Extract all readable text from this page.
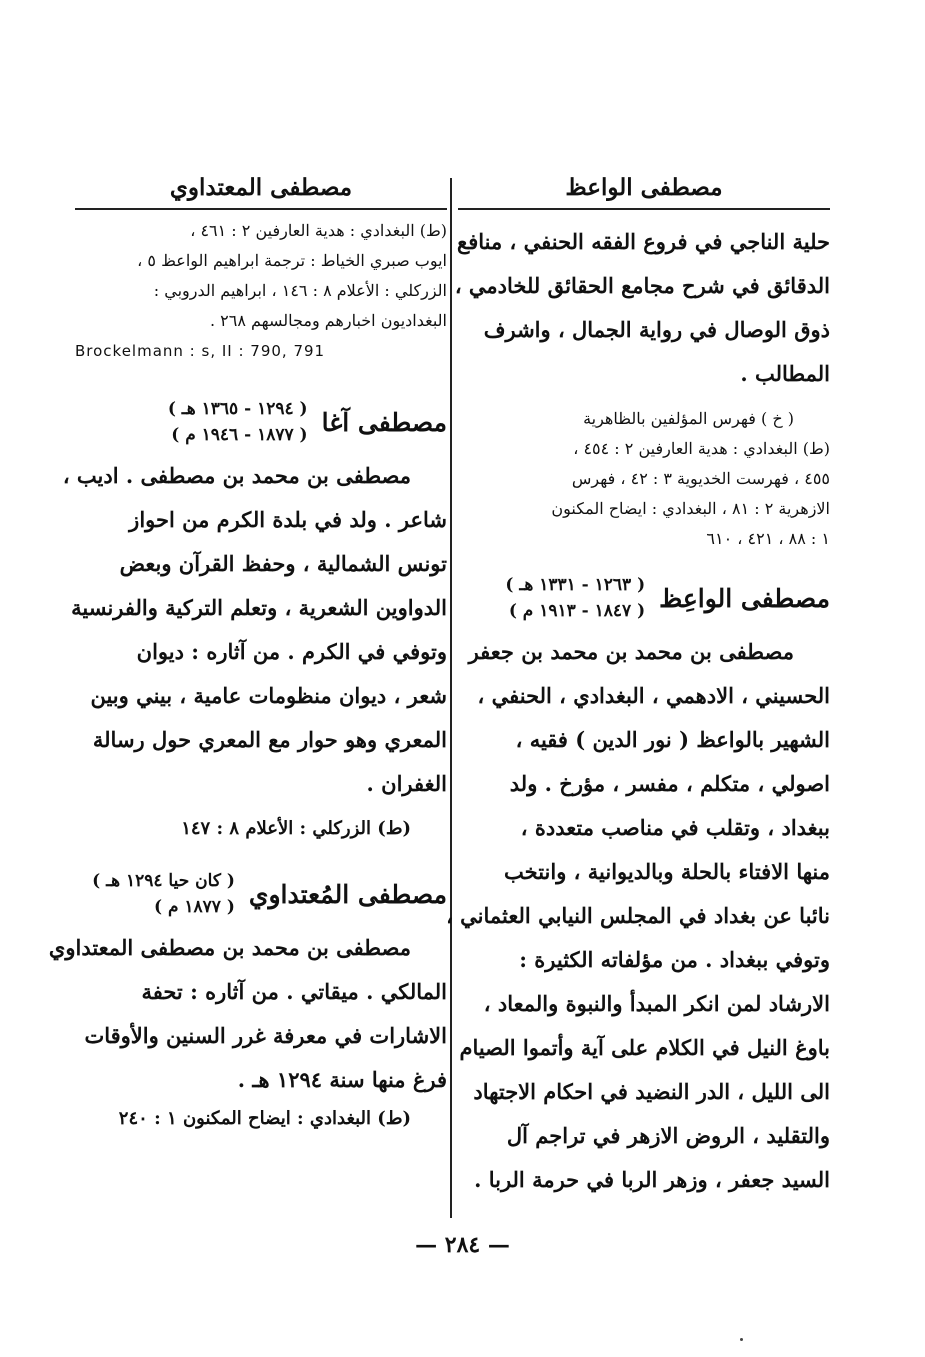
مصطفى الواعظ
حلية الناجي في فروع الفقه الحنفي ، منافع
الدقائق في شرح مجامع الحقائق للخادمي ،
ذوق الوصال في رواية الجمال ، واشرف
المطالب .
( خ ) فهرس المؤلفين بالظاهرية
(ط) البغدادي : هدية العارفين ٢ : ٤٥٤ ،
٤٥٥ ، فهرست الخديوية ٣ : ٤٢ ، فهرس
الازهرية ٢ : ٨١ ، البغدادي : ايضاح المكنون
١ : ٨٨ ، ٤٢١ ، ٦١٠
مصطفى الواعِظ
( ١٢٦٣ - ١٣٣١ هـ )
( ١٨٤٧ - ١٩١٣ م )
مصطفى بن محمد بن محمد بن جعفر
الحسيني ، الادهمي ، البغدادي ، الحنفي ،
الشهير بالواعظ ( نور الدين ) فقيه ،
اصولي ، متكلم ، مفسر ، مؤرخ . ولد
ببغداد ، وتقلب في مناصب متعددة ،
منها الافتاء بالحلة وبالديوانية ، وانتخب
نائبا عن بغداد في المجلس النيابي العثماني ،
وتوفي ببغداد . من مؤلفاته الكثيرة :
الارشاد لمن انكر المبدأ والنبوة والمعاد ،
باوغ النيل في الكلام على آية وأتموا الصيام
الى الليل ، الدر النضيد في احكام الاجتهاد
والتقليد ، الروض الازهر في تراجم آل
السيد جعفر ، وزهر الربا في حرمة الربا .
مصطفى المعتداوي
(ط) البغدادي : هدية العارفين ٢ : ٤٦١ ،
ايوب صبري الخياط : ترجمة ابراهيم الواعظ ٥ ،
الزركلي : الأعلام ٨ : ١٤٦ ، ابراهيم الدروبي :
البغداديون اخبارهم ومجالسهم ٢٦٨ .
Brockelmann : s, II : 790, 791
مصطفى آغا
( ١٢٩٤ - ١٣٦٥ هـ )
( ١٨٧٧ - ١٩٤٦ م )
مصطفى بن محمد بن مصطفى . اديب ،
شاعر . ولد في بلدة الكرم من احواز
تونس الشمالية ، وحفظ القرآن وبعض
الدواوين الشعرية ، وتعلم التركية والفرنسية
وتوفي في الكرم . من آثاره : ديوان
شعر ، ديوان منظومات عامية ، بيني وبين
المعري وهو حوار مع المعري حول رسالة
الغفران .
(ط) الزركلي : الأعلام ٨ : ١٤٧
مصطفى المُعتداوي
( كان حيا ١٢٩٤ هـ )
( ١٨٧٧ م )
مصطفى بن محمد بن مصطفى المعتداوي
المالكي . ميقاتي . من آثاره : تحفة
الاشارات في معرفة غرر السنين والأوقات
فرغ منها سنة ١٢٩٤ هـ .
(ط) البغدادي : ايضاح المكنون ١ : ٢٤٠
— ٢٨٤ —
